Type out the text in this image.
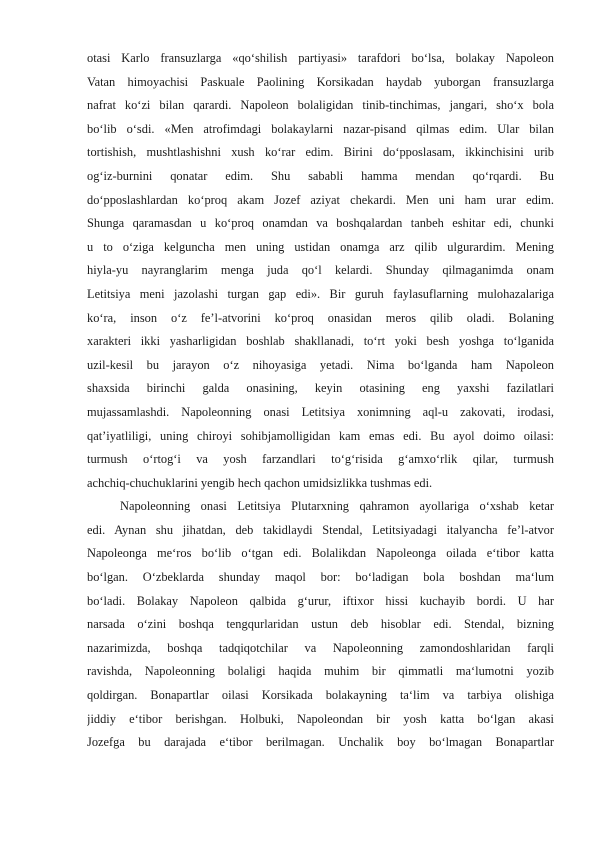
otasi Karlo fransuzlarga «qo‘shilish partiyasi» tarafdori bo‘lsa, bolakay Napoleon
Vatan himoyachisi Paskuale Paolining Korsikadan haydab yuborgan fransuzlarga
nafrat ko‘zi bilan qarardi. Napoleon bolaligidan tinib-tinchimas, jangari, sho‘x bola
bo‘lib o‘sdi. «Men atrofimdagi bolakaylarni nazar-pisand qilmas edim. Ular bilan
tortishish, mushtlashishni xush ko‘rar edim. Birini do‘pposlasam, ikkinchisini urib
og‘iz-burnini qonatar edim. Shu sababli hamma mendan qo‘rqardi. Bu
do‘pposlashlardan ko‘proq akam Jozef aziyat chekardi. Men uni ham urar edim.
Shunga qaramasdan u ko‘proq onamdan va boshqalardan tanbeh eshitar edi, chunki
u to o‘ziga kelguncha men uning ustidan onamga arz qilib ulgurardim. Mening
hiyla-yu nayranglarim menga juda qo‘l kelardi. Shunday qilmaganimda onam
Letitsiya meni jazolashi turgan gap edi». Bir guruh faylasuflarning mulohazalariga
ko‘ra, inson o‘z fe’l-atvorini ko‘proq onasidan meros qilib oladi. Bolaning
xarakteri ikki yasharligidan boshlab shakllanadi, to‘rt yoki besh yoshga to‘lganida
uzil-kesil bu jarayon o‘z nihoyasiga yetadi. Nima bo‘lganda ham Napoleon
shaxsida birinchi galda onasining, keyin otasining eng yaxshi fazilatlari
mujassamlashdi. Napoleonning onasi Letitsiya xonimning aql-u zakovati, irodasi,
qat’iyatliligi, uning chiroyi sohibjamolligidan kam emas edi. Bu ayol doimo oilasi:
turmush o‘rtog‘i va yosh farzandlari to‘g‘risida g‘amxo‘rlik qilar, turmush
achchiq-chuchuklarini yengib hech qachon umidsizlikka tushmas edi.
Napoleonning onasi Letitsiya Plutarxning qahramon ayollariga o‘xshab ketar
edi. Aynan shu jihatdan, deb takidlaydi Stendal, Letitsiyadagi italyancha fe’l-atvor
Napoleonga me‘ros bo‘lib o‘tgan edi. Bolalikdan Napoleonga oilada e‘tibor katta
bo‘lgan. O‘zbeklarda shunday maqol bor: bo‘ladigan bola boshdan ma‘lum
bo‘ladi. Bolakay Napoleon qalbida g‘urur, iftixor hissi kuchayib bordi. U har
narsada o‘zini boshqa tengqurlaridan ustun deb hisoblar edi. Stendal, bizning
nazarimizda, boshqa tadqiqotchilar va Napoleonning zamondoshlaridan farqli
ravishda, Napoleonning bolaligi haqida muhim bir qimmatli ma‘lumotni yozib
qoldirgan. Bonapartlar oilasi Korsikada bolakayning ta‘lim va tarbiya olishiga
jiddiy e‘tibor berishgan. Holbuki, Napoleondan bir yosh katta bo‘lgan akasi
Jozefga bu darajada e‘tibor berilmagan. Unchalik boy bo‘lmagan Bonapartlar
